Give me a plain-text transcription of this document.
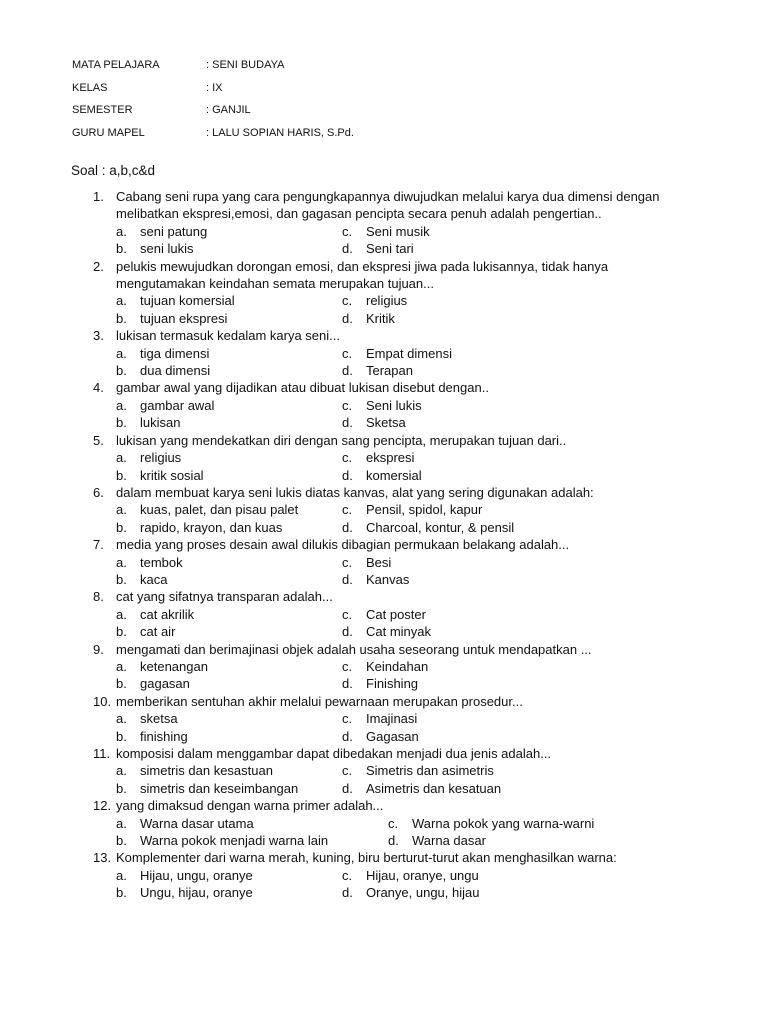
MATA PELAJARA	: SENI BUDAYA
KELAS	: IX
SEMESTER	: GANJIL
GURU MAPEL	: LALU SOPIAN HARIS, S.Pd.
Soal : a,b,c&d
1. Cabang seni rupa yang cara pengungkapannya diwujudkan melalui karya dua dimensi dengan melibatkan ekspresi,emosi, dan gagasan pencipta secara penuh adalah pengertian..
a.	seni patung	c.	Seni musik
b.	seni lukis	d.	Seni tari
2. pelukis mewujudkan dorongan emosi, dan ekspresi jiwa pada lukisannya, tidak hanya mengutamakan keindahan semata merupakan tujuan...
a.	tujuan komersial	c.	religius
b.	tujuan ekspresi	d.	Kritik
3. lukisan termasuk kedalam karya seni...
a.	tiga dimensi	c.	Empat dimensi
b.	dua dimensi	d.	Terapan
4. gambar awal yang dijadikan atau dibuat lukisan disebut dengan..
a.	gambar awal	c.	Seni lukis
b.	lukisan	d.	Sketsa
5. lukisan yang mendekatkan diri dengan sang pencipta, merupakan tujuan dari..
a.	religius	c.	ekspresi
b.	kritik sosial	d.	komersial
6. dalam membuat karya seni lukis diatas kanvas, alat yang sering digunakan adalah:
a.	kuas, palet, dan pisau palet	c.	Pensil, spidol, kapur
b.	rapido, krayon, dan kuas	d.	Charcoal, kontur, & pensil
7. media yang proses desain awal dilukis dibagian permukaan belakang adalah...
a.	tembok	c.	Besi
b.	kaca	d.	Kanvas
8. cat yang sifatnya transparan adalah...
a.	cat akrilik	c.	Cat poster
b.	cat air	d.	Cat minyak
9. mengamati dan berimajinasi objek adalah usaha seseorang untuk mendapatkan ...
a.	ketenangan	c.	Keindahan
b.	gagasan	d.	Finishing
10. memberikan sentuhan akhir melalui pewarnaan merupakan prosedur...
a.	sketsa	c.	Imajinasi
b.	finishing	d.	Gagasan
11. komposisi dalam menggambar dapat dibedakan menjadi dua jenis adalah...
a.	simetris dan kesastuan	c.	Simetris dan asimetris
b.	simetris dan keseimbangan	d.	Asimetris dan kesatuan
12. yang dimaksud dengan warna primer adalah...
a.	Warna dasar utama	c.	Warna pokok yang warna-warni
b.	Warna pokok menjadi warna lain	d.	Warna dasar
13. Komplementer dari warna merah, kuning, biru berturut-turut akan menghasilkan warna:
a.	Hijau, ungu, oranye	c.	Hijau, oranye, ungu
b.	Ungu, hijau, oranye	d.	Oranye, ungu, hijau
